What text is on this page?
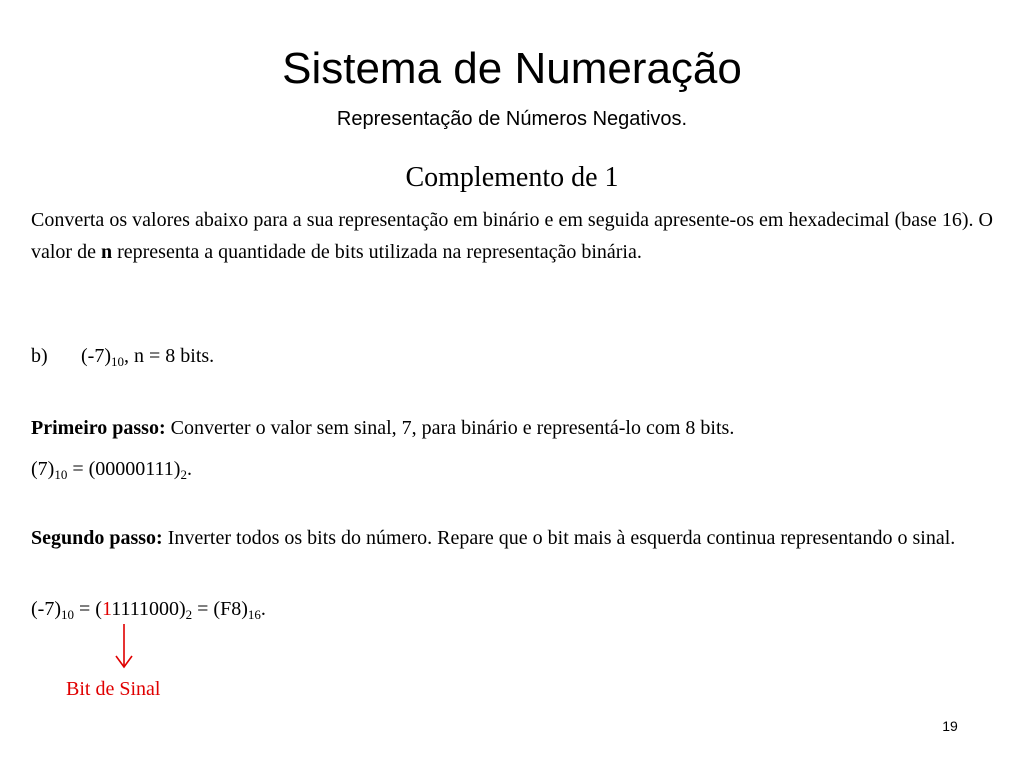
Sistema de Numeração
Representação de Números Negativos.
Complemento de 1
Converta os valores abaixo para a sua representação em binário e em seguida apresente-os em hexadecimal (base 16). O valor de n representa a quantidade de bits utilizada na representação binária.
b) $(-7)_{10}$, n = 8 bits.
Primeiro passo: Converter o valor sem sinal, 7, para binário e representá-lo com 8 bits.
$(7)_{10} = (00000111)_2$.
Segundo passo: Inverter todos os bits do número. Repare que o bit mais à esquerda continua representando o sinal.
$(-7)_{10} = (11111000)_2 = (F8)_{16}$.
Bit de Sinal
19
